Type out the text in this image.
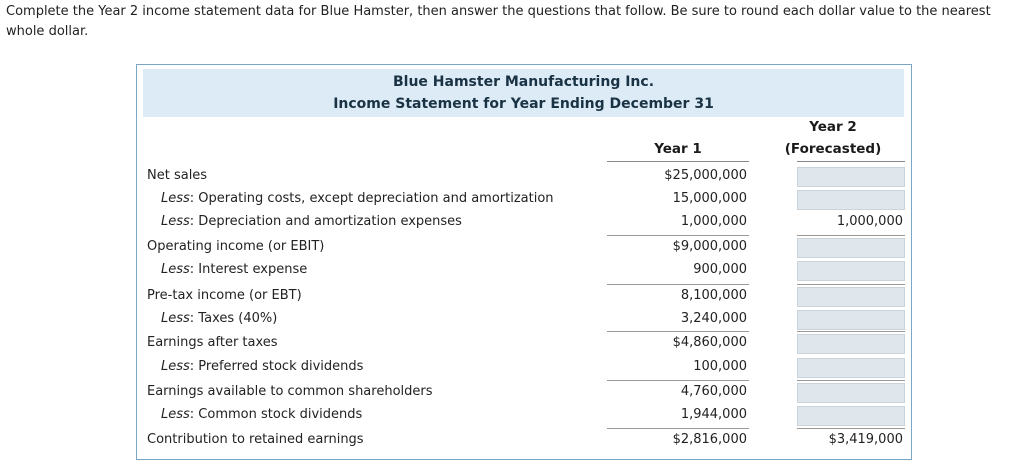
Complete the Year 2 income statement data for Blue Hamster, then answer the questions that follow. Be sure to round each dollar value to the nearest whole dollar.
Blue Hamster Manufacturing Inc.
Income Statement for Year Ending December 31
Year 2
(Forecasted)
Year 1
Net sales	$25,000,000
Less: Operating costs, except depreciation and amortization	15,000,000
Less: Depreciation and amortization expenses	1,000,000	1,000,000
Operating income (or EBIT)	$9,000,000
Less: Interest expense	900,000
Pre-tax income (or EBT)	8,100,000
Less: Taxes (40%)	3,240,000
Earnings after taxes	$4,860,000
Less: Preferred stock dividends	100,000
Earnings available to common shareholders	4,760,000
Less: Common stock dividends	1,944,000
Contribution to retained earnings	$2,816,000	$3,419,000
